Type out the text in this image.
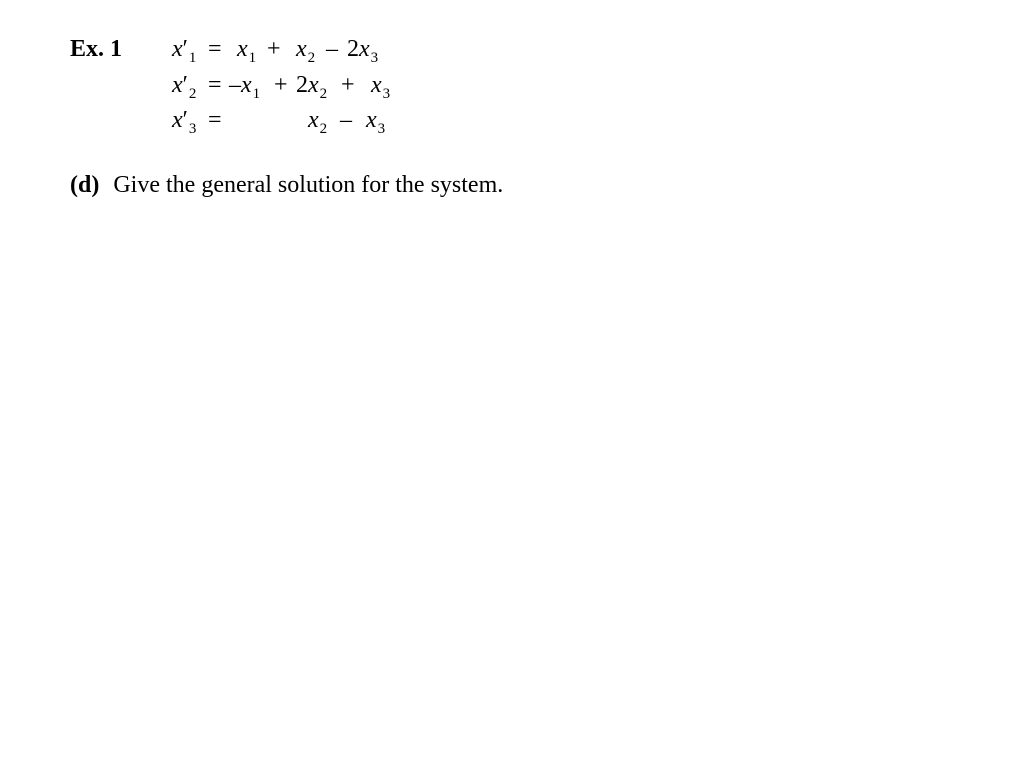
Ex. 1 $x'_1 = x_1 + x_2 - 2x_3$
$x'_2 = -x_1 + 2x_2 + x_3$
$x'_3$ =	$x_2 - x_3$
(d) Give the general solution for the system.
